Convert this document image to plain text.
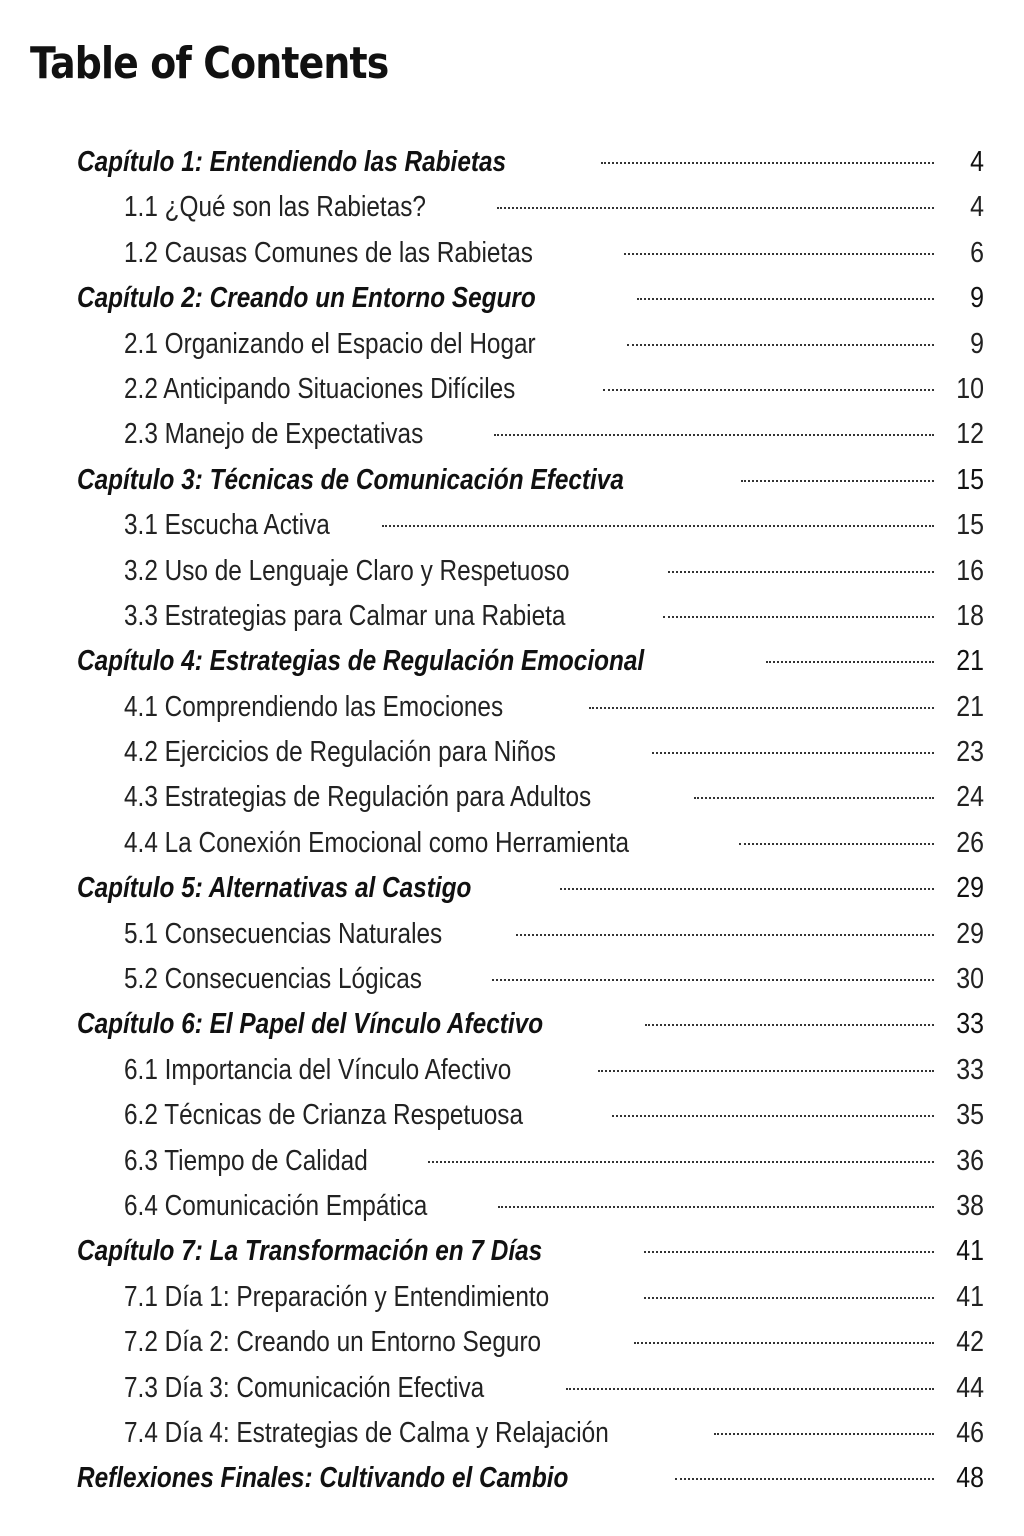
Table of Contents
Capítulo 1: Entendiendo las Rabietas	4
1.1 ¿Qué son las Rabietas?	4
1.2 Causas Comunes de las Rabietas	6
Capítulo 2: Creando un Entorno Seguro	9
2.1 Organizando el Espacio del Hogar	9
2.2 Anticipando Situaciones Difíciles	10
2.3 Manejo de Expectativas	12
Capítulo 3: Técnicas de Comunicación Efectiva	15
3.1 Escucha Activa	15
3.2 Uso de Lenguaje Claro y Respetuoso	16
3.3 Estrategias para Calmar una Rabieta	18
Capítulo 4: Estrategias de Regulación Emocional	21
4.1 Comprendiendo las Emociones	21
4.2 Ejercicios de Regulación para Niños	23
4.3 Estrategias de Regulación para Adultos	24
4.4 La Conexión Emocional como Herramienta	26
Capítulo 5: Alternativas al Castigo	29
5.1 Consecuencias Naturales	29
5.2 Consecuencias Lógicas	30
Capítulo 6: El Papel del Vínculo Afectivo	33
6.1 Importancia del Vínculo Afectivo	33
6.2 Técnicas de Crianza Respetuosa	35
6.3 Tiempo de Calidad	36
6.4 Comunicación Empática	38
Capítulo 7: La Transformación en 7 Días	41
7.1 Día 1: Preparación y Entendimiento	41
7.2 Día 2: Creando un Entorno Seguro	42
7.3 Día 3: Comunicación Efectiva	44
7.4 Día 4: Estrategias de Calma y Relajación	46
Reflexiones Finales: Cultivando el Cambio	48
